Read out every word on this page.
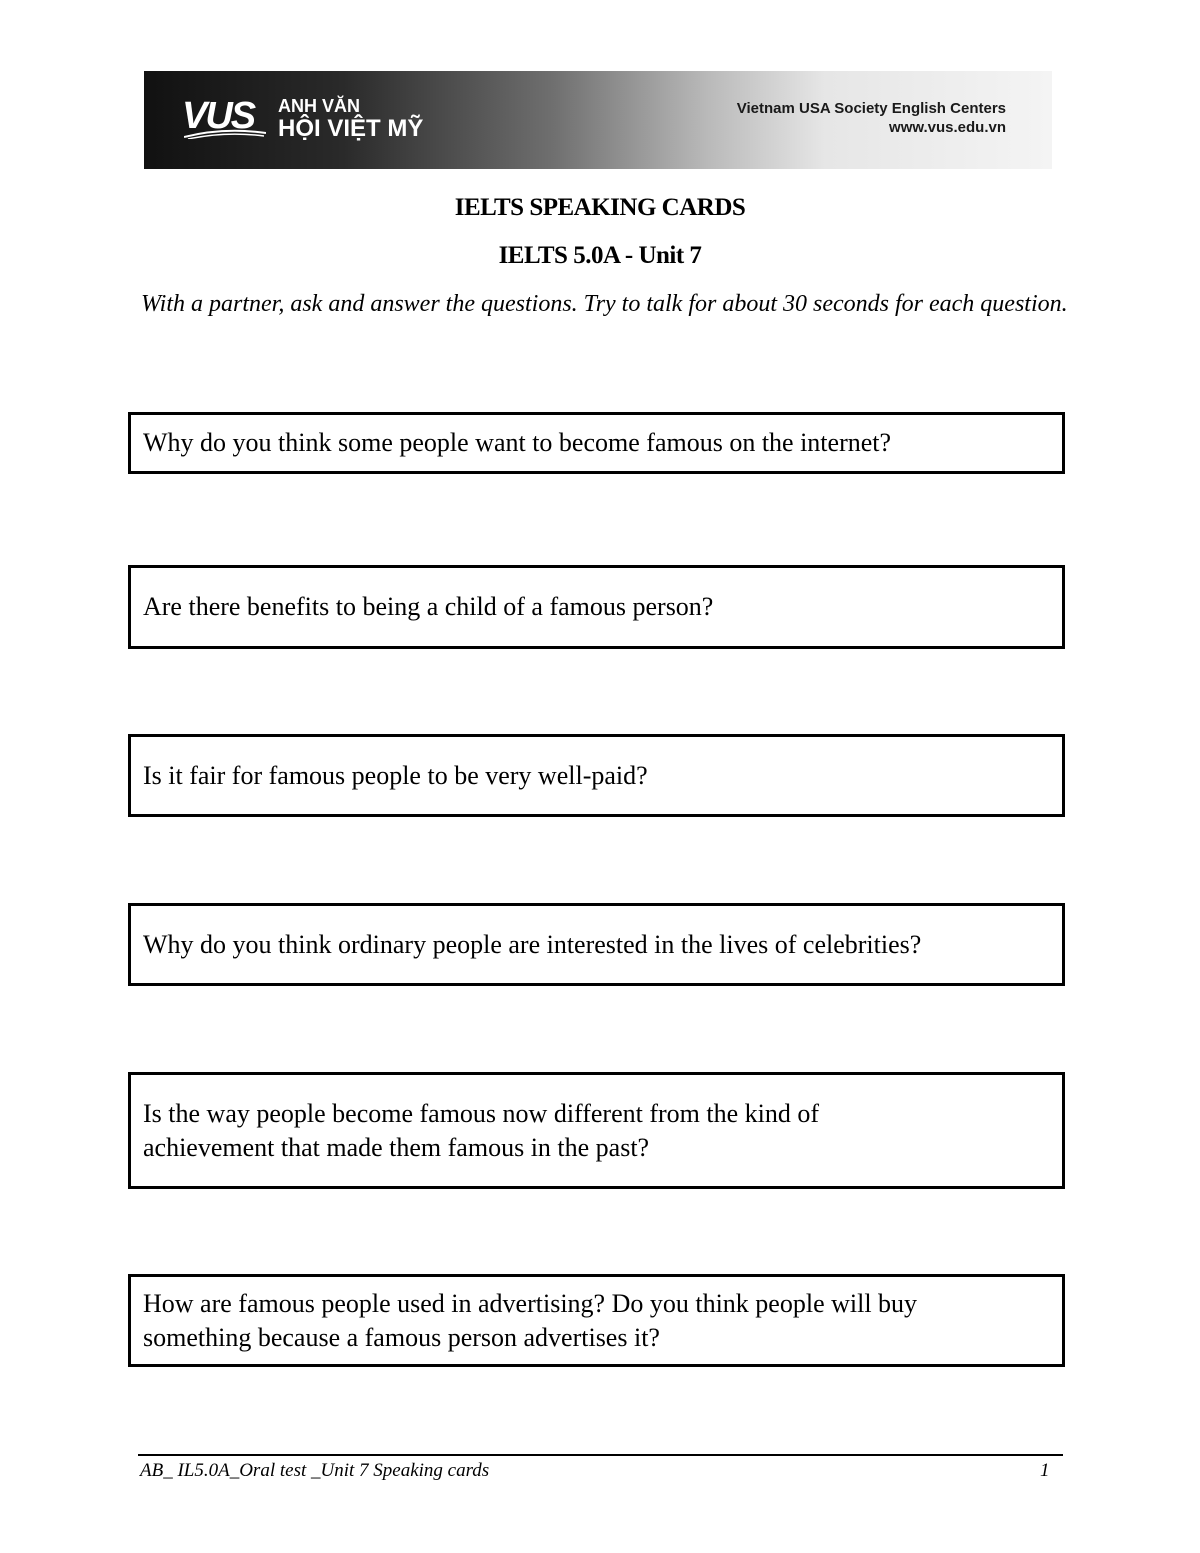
VUS ANH VĂN
HỘI VIỆT MỸ
Vietnam USA Society English Centers
www.vus.edu.vn
IELTS SPEAKING CARDS
IELTS 5.0A - Unit 7
With a partner, ask and answer the questions. Try to talk for about 30 seconds for each question.
Why do you think some people want to become famous on the internet?
Are there benefits to being a child of a famous person?
Is it fair for famous people to be very well-paid?
Why do you think ordinary people are interested in the lives of celebrities?
Is the way people become famous now different from the kind of achievement that made them famous in the past?
How are famous people used in advertising? Do you think people will buy something because a famous person advertises it?
AB_ IL5.0A_Oral test _Unit 7 Speaking cards	1
